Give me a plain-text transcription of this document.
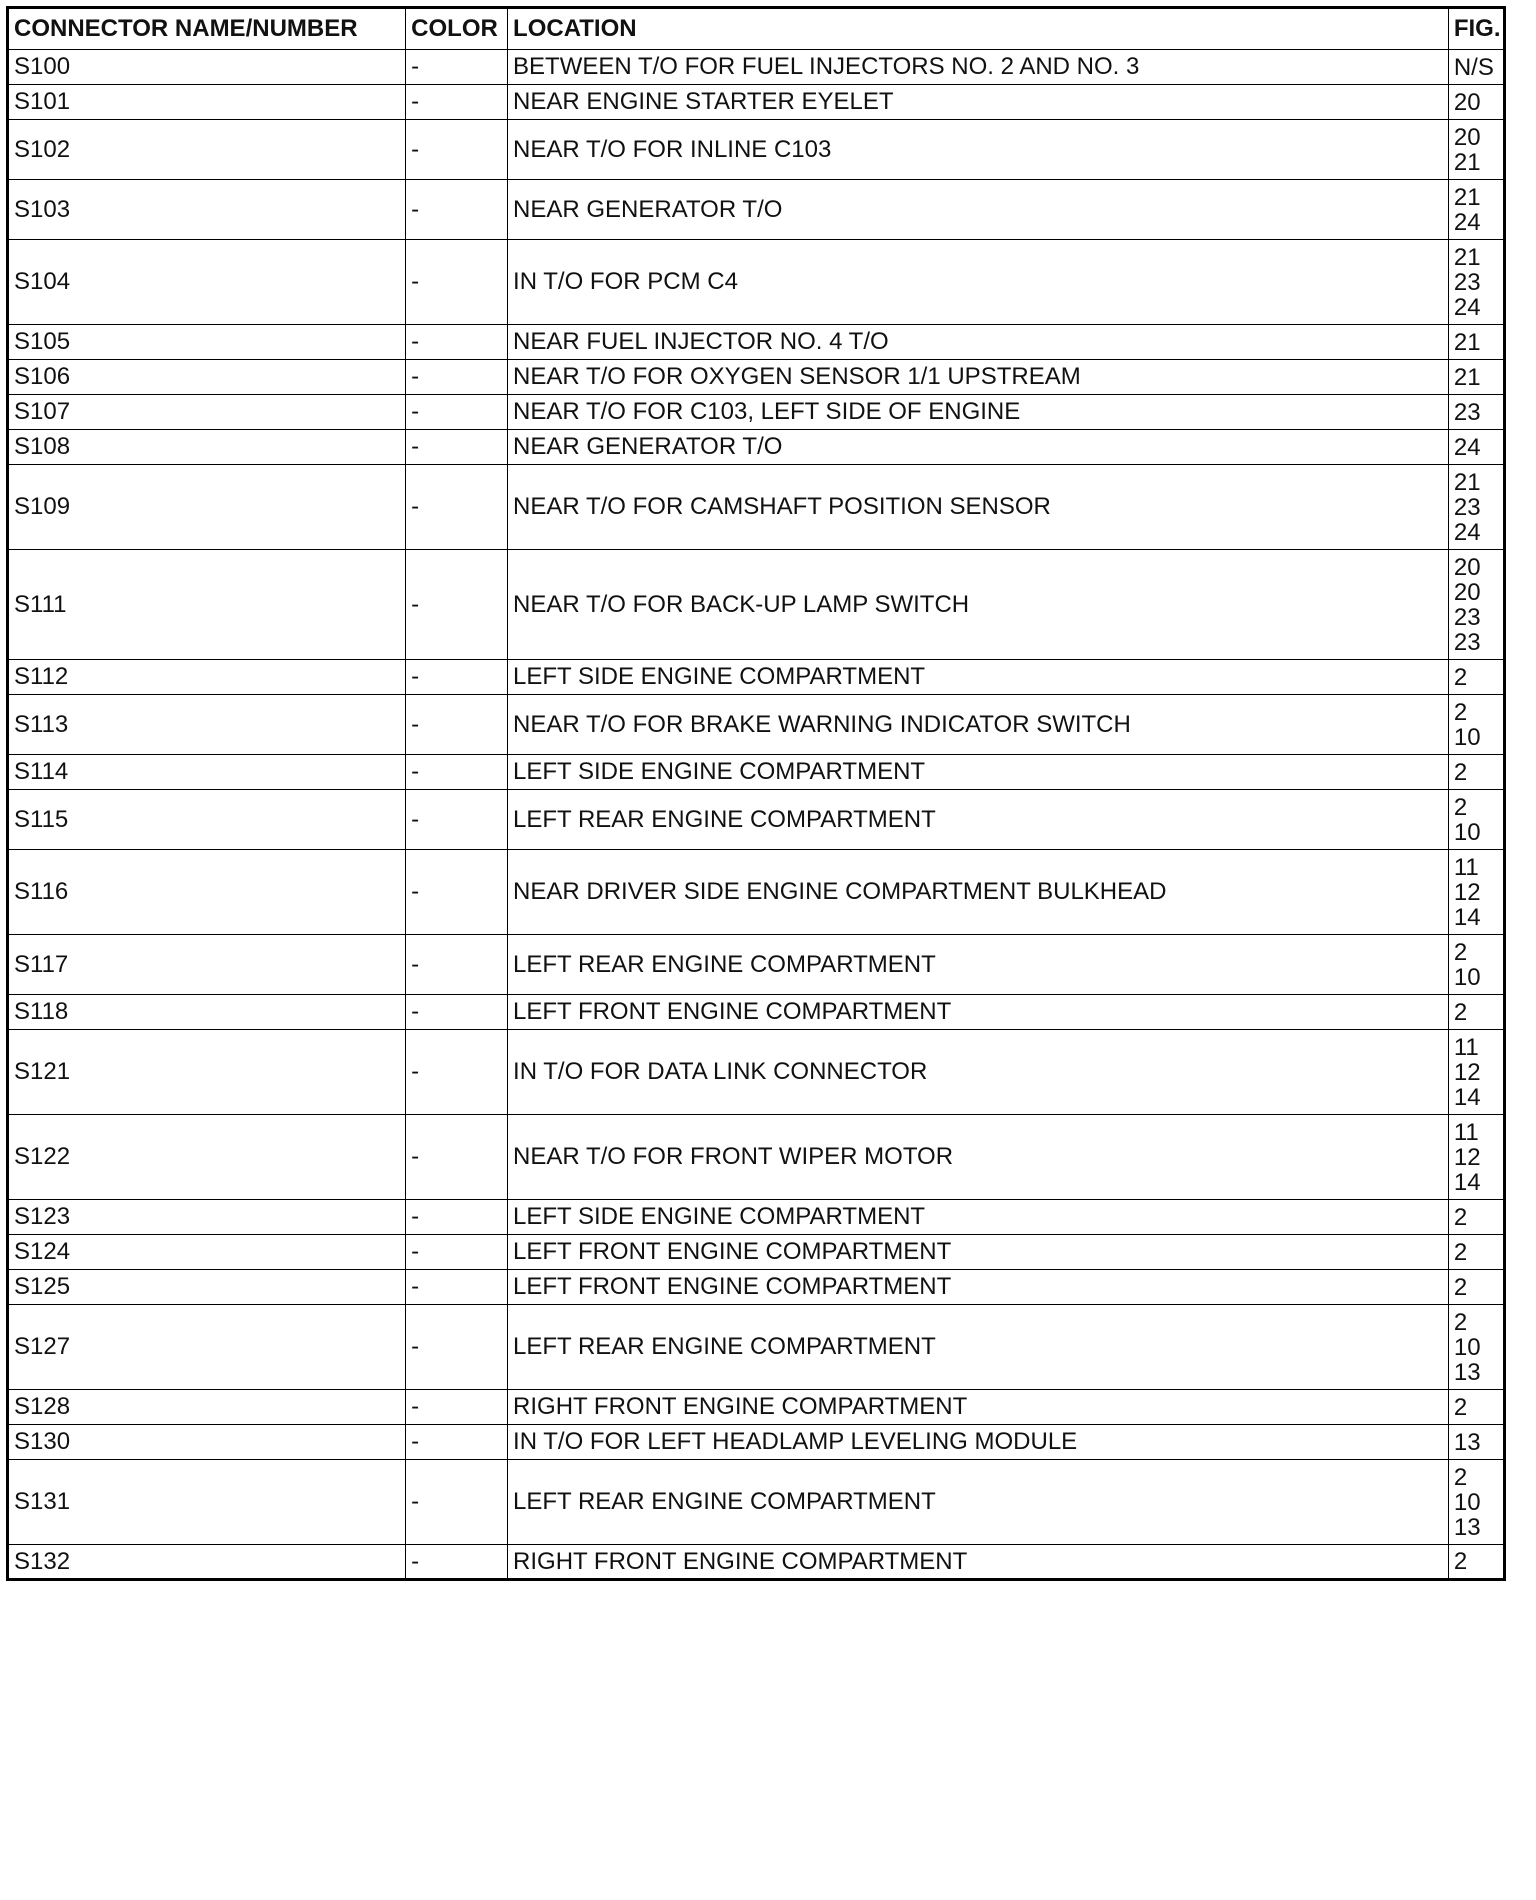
CONNECTOR NAME/NUMBER	COLOR	LOCATION	FIG.
S100	-	BETWEEN T/O FOR FUEL INJECTORS NO. 2 AND NO. 3	N/S

S101	-	NEAR ENGINE STARTER EYELET	20

S102	-	NEAR T/O FOR INLINE C103	20
21

S103	-	NEAR GENERATOR T/O	21
24

S104	-	IN T/O FOR PCM C4	21
23
24

S105	-	NEAR FUEL INJECTOR NO. 4 T/O	21

S106	-	NEAR T/O FOR OXYGEN SENSOR 1/1 UPSTREAM	21

S107	-	NEAR T/O FOR C103, LEFT SIDE OF ENGINE	23

S108	-	NEAR GENERATOR T/O	24

S109	-	NEAR T/O FOR CAMSHAFT POSITION SENSOR	21
23
24

S111	-	NEAR T/O FOR BACK-UP LAMP SWITCH	20
20
23
23

S112	-	LEFT SIDE ENGINE COMPARTMENT	2

S113	-	NEAR T/O FOR BRAKE WARNING INDICATOR SWITCH	2
10

S114	-	LEFT SIDE ENGINE COMPARTMENT	2

S115	-	LEFT REAR ENGINE COMPARTMENT	2
10

S116	-	NEAR DRIVER SIDE ENGINE COMPARTMENT BULKHEAD	11
12
14

S117	-	LEFT REAR ENGINE COMPARTMENT	2
10

S118	-	LEFT FRONT ENGINE COMPARTMENT	2

S121	-	IN T/O FOR DATA LINK CONNECTOR	11
12
14

S122	-	NEAR T/O FOR FRONT WIPER MOTOR	11
12
14

S123	-	LEFT SIDE ENGINE COMPARTMENT	2

S124	-	LEFT FRONT ENGINE COMPARTMENT	2

S125	-	LEFT FRONT ENGINE COMPARTMENT	2

S127	-	LEFT REAR ENGINE COMPARTMENT	2
10
13

S128	-	RIGHT FRONT ENGINE COMPARTMENT	2

S130	-	IN T/O FOR LEFT HEADLAMP LEVELING MODULE	13

S131	-	LEFT REAR ENGINE COMPARTMENT	2
10
13

S132	-	RIGHT FRONT ENGINE COMPARTMENT	2
